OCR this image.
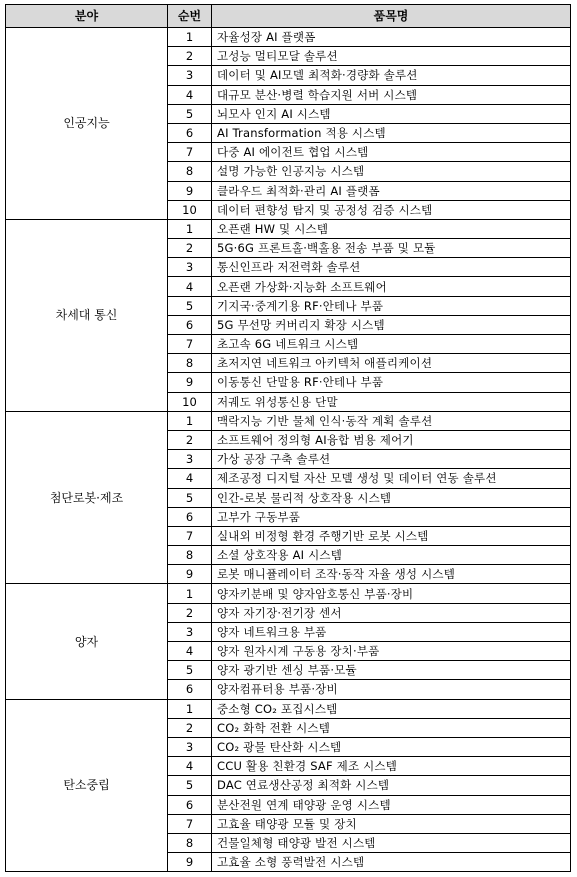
분야	순번	품목명
인공지능	1	자율성장 AI 플랫폼
	2	고성능 멀티모달 솔루션
	3	데이터 및 AI모델 최적화·경량화 솔루션
	4	대규모 분산·병렬 학습지원 서버 시스템
	5	뇌모사 인지 AI 시스템
	6	AI Transformation 적용 시스템
	7	다중 AI 에이전트 협업 시스템
	8	설명 가능한 인공지능 시스템
	9	클라우드 최적화·관리 AI 플랫폼
	10	데이터 편향성 탐지 및 공정성 검증 시스템
차세대 통신	1	오픈랜 HW 및 시스템
	2	5G·6G 프론트홀·백홀용 전송 부품 및 모듈
	3	통신인프라 저전력화 솔루션
	4	오픈랜 가상화·지능화 소프트웨어
	5	기지국·중계기용 RF·안테나 부품
	6	5G 무선망 커버리지 확장 시스템
	7	초고속 6G 네트워크 시스템
	8	초저지연 네트워크 아키텍처 애플리케이션
	9	이동통신 단말용 RF·안테나 부품
	10	저궤도 위성통신용 단말
첨단로봇·제조	1	맥락지능 기반 물체 인식·동작 계획 솔루션
	2	소프트웨어 정의형 AI융합 범용 제어기
	3	가상 공장 구축 솔루션
	4	제조공정 디지털 자산 모델 생성 및 데이터 연동 솔루션
	5	인간-로봇 물리적 상호작용 시스템
	6	고부가 구동부품
	7	실내외 비정형 환경 주행기반 로봇 시스템
	8	소셜 상호작용 AI 시스템
	9	로봇 매니퓰레이터 조작·동작 자율 생성 시스템
양자	1	양자키분배 및 양자암호통신 부품·장비
	2	양자 자기장·전기장 센서
	3	양자 네트워크용 부품
	4	양자 원자시계 구동용 장치·부품
	5	양자 광기반 센싱 부품·모듈
	6	양자컴퓨터용 부품·장비
탄소중립	1	중소형 CO₂ 포집시스템
	2	CO₂ 화학 전환 시스템
	3	CO₂ 광물 탄산화 시스템
	4	CCU 활용 친환경 SAF 제조 시스템
	5	DAC 연료생산공정 최적화 시스템
	6	분산전원 연계 태양광 운영 시스템
	7	고효율 태양광 모듈 및 장치
	8	건물일체형 태양광 발전 시스템
	9	고효율 소형 풍력발전 시스템
